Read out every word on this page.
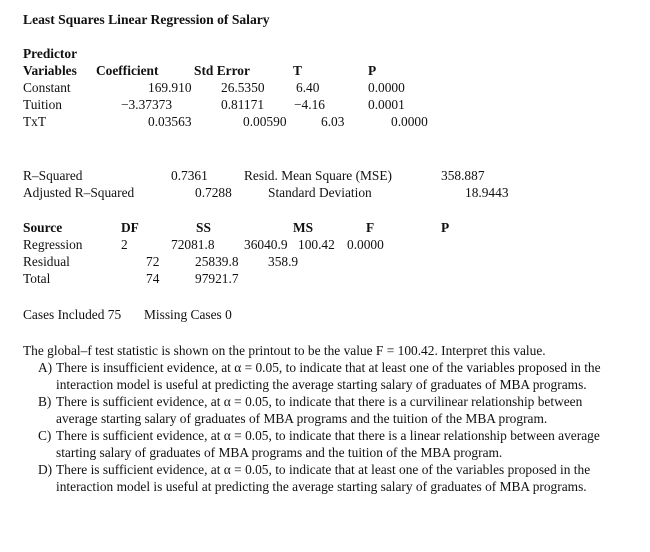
Least Squares Linear Regression of Salary
Predictor
Variables Coefficient	Std Error	T	P
Constant	169.910 26.5350 6.40	0.0000
Tuition	−3.37373	0.81171 −4.16	0.0001
TxT	0.03563	0.00590	6.03	0.0000
R–Squared	0.7361	Resid. Mean Square (MSE)	358.887
Adjusted R–Squared	0.7288	Standard Deviation	18.9443
Source	DF	SS	MS	F	P
Regression	2	72081.8 36040.9 100.42 0.0000
Residual	72	25839.8 358.9
Total	74	97921.7
Cases Included 75 Missing Cases 0
The global–f test statistic is shown on the printout to be the value F = 100.42. Interpret this value.
A) There is insufficient evidence, at α = 0.05, to indicate that at least one of the variables proposed in the interaction model is useful at predicting the average starting salary of graduates of MBA programs.
B) There is sufficient evidence, at α = 0.05, to indicate that there is a curvilinear relationship between average starting salary of graduates of MBA programs and the tuition of the MBA program.
C) There is sufficient evidence, at α = 0.05, to indicate that there is a linear relationship between average starting salary of graduates of MBA programs and the tuition of the MBA program.
D) There is sufficient evidence, at α = 0.05, to indicate that at least one of the variables proposed in the interaction model is useful at predicting the average starting salary of graduates of MBA programs.
